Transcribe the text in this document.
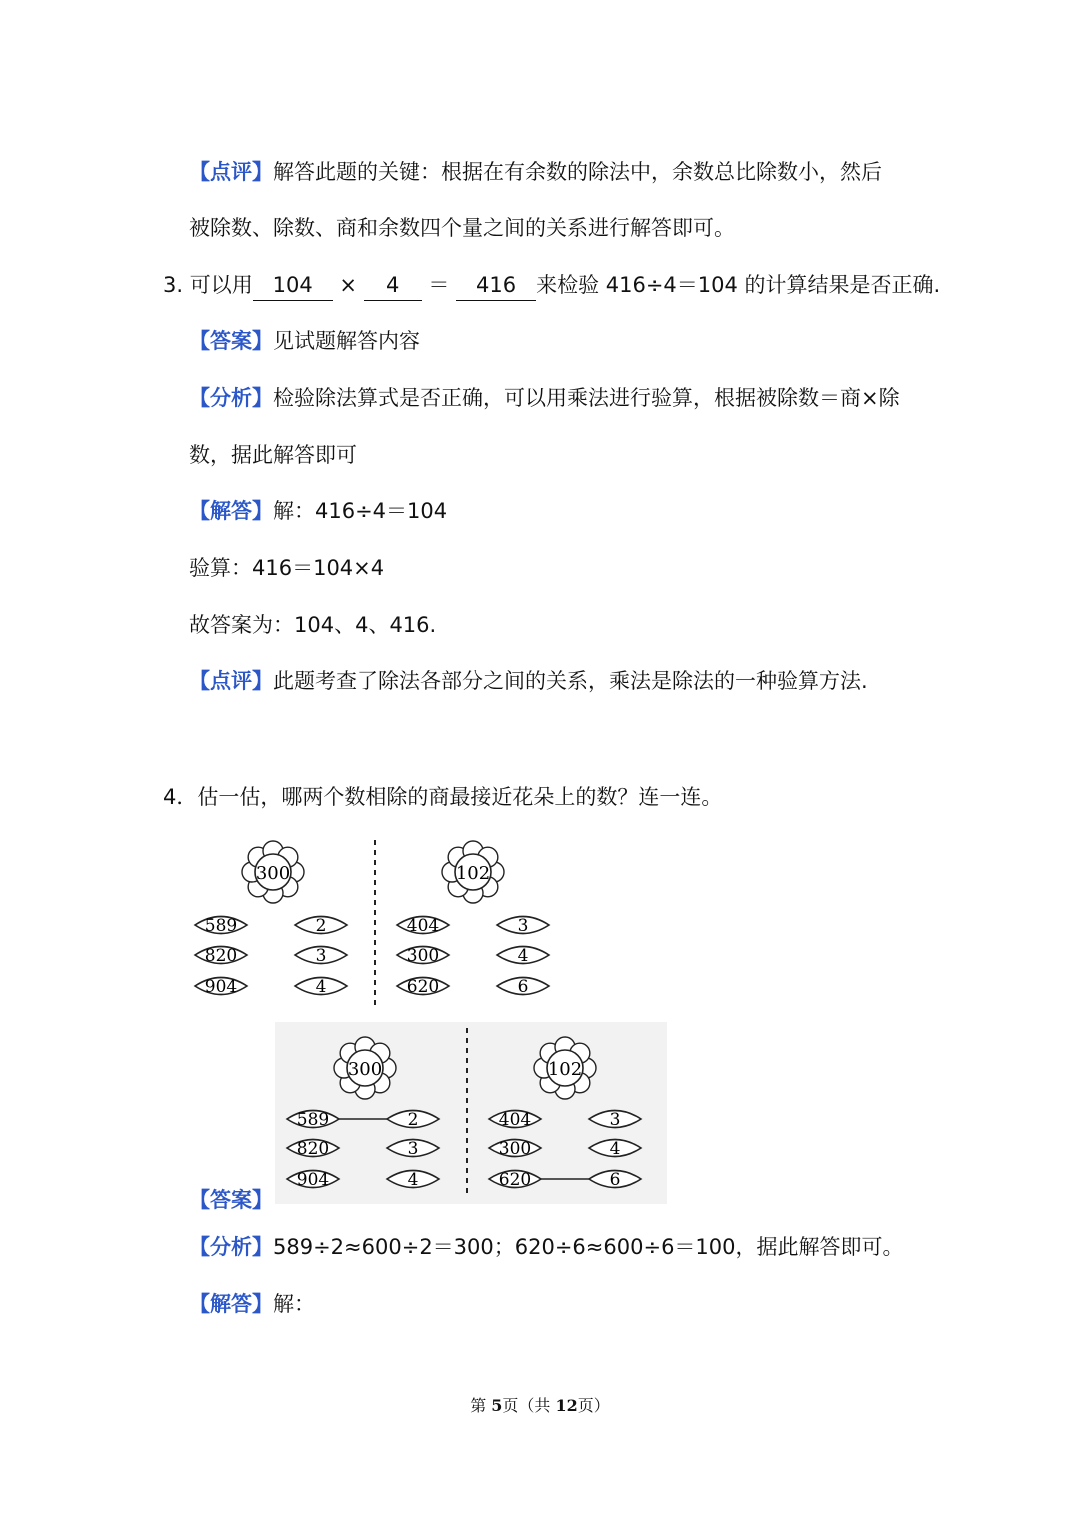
【点评】解答此题的关键：根据在有余数的除法中，余数总比除数小，然后
被除数、除数、商和余数四个量之间的关系进行解答即可。
3. 可以用 104 × 4 ＝ 416 来检验 416÷4＝104 的计算结果是否正确.
【答案】见试题解答内容
【分析】检验除法算式是否正确，可以用乘法进行验算，根据被除数＝商×除
数，据此解答即可
【解答】解：416÷4＝104
验算：416＝104×4
故答案为：104、4、416.
【点评】此题考查了除法各部分之间的关系，乘法是除法的一种验算方法.
4．估一估，哪两个数相除的商最接近花朵上的数？连一连。
300
589
820
904
2
3
4
102
404
300
620
3
4
6
300
589
820
904
2
3
4
102
404
300
620
3
4
6
【答案】
【分析】589÷2≈600÷2＝300；620÷6≈600÷6＝100，据此解答即可。
【解答】解：
第 5页（共 12页）
